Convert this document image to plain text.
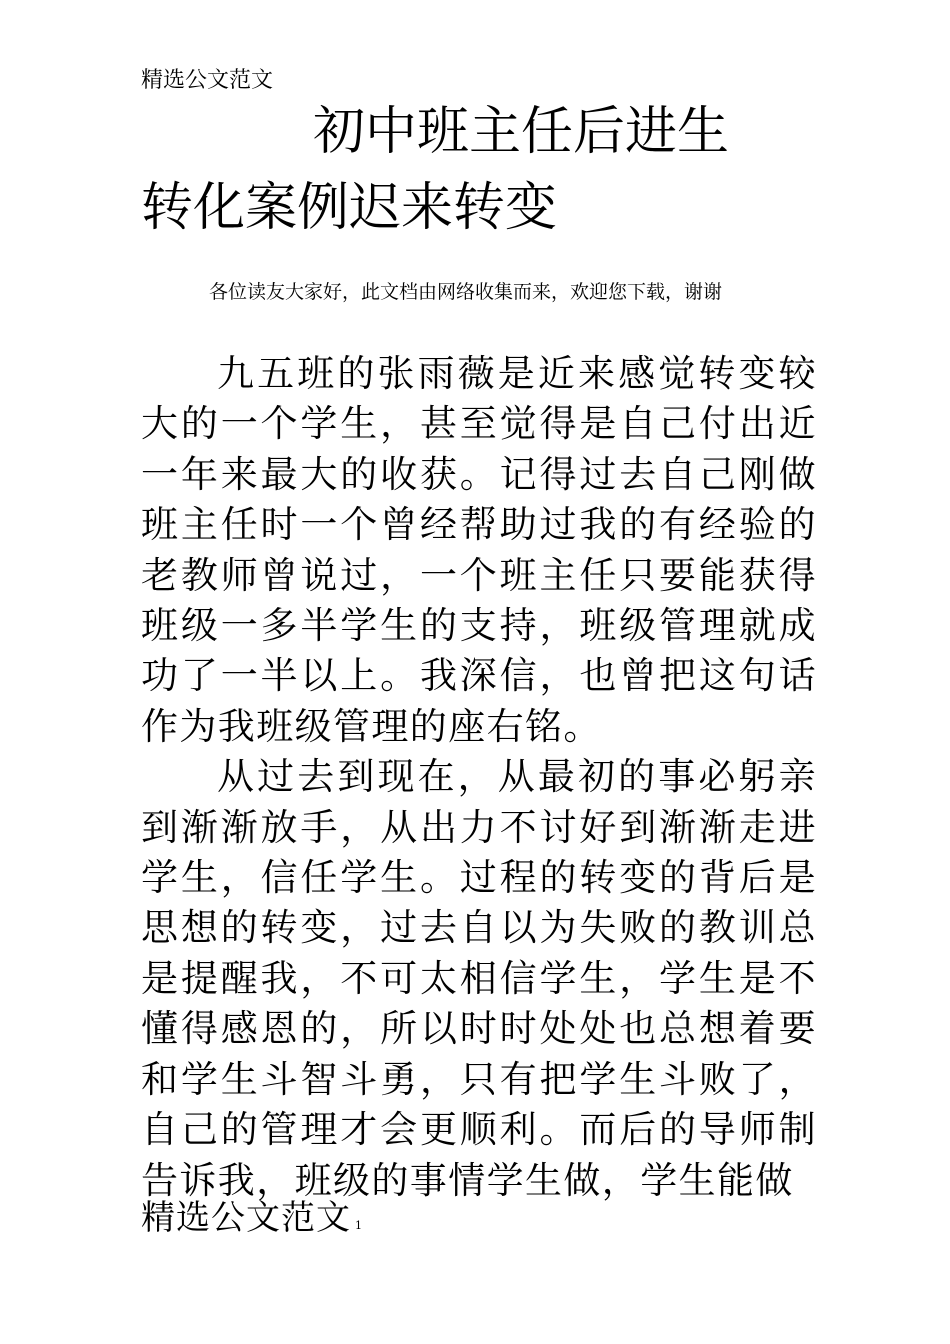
精选公文范文
初中班主任后进生
转化案例迟来转变
各位读友大家好，此文档由网络收集而来，欢迎您下载，谢谢

九五班的张雨薇是近来感觉转变较大的一个学生，甚至觉得是自己付出近一年来最大的收获。记得过去自己刚做班主任时一个曾经帮助过我的有经验的老教师曾说过，一个班主任只要能获得班级一多半学生的支持，班级管理就成功了一半以上。我深信，也曾把这句话作为我班级管理的座右铭。

从过去到现在，从最初的事必躬亲到渐渐放手，从出力不讨好到渐渐走进学生，信任学生。过程的转变的背后是思想的转变，过去自以为失败的教训总是提醒我，不可太相信学生，学生是不懂得感恩的，所以时时处处也总想着要和学生斗智斗勇，只有把学生斗败了，自己的管理才会更顺利。而后的导师制告诉我，班级的事情学生做，学生能做

精选公文范文 1
